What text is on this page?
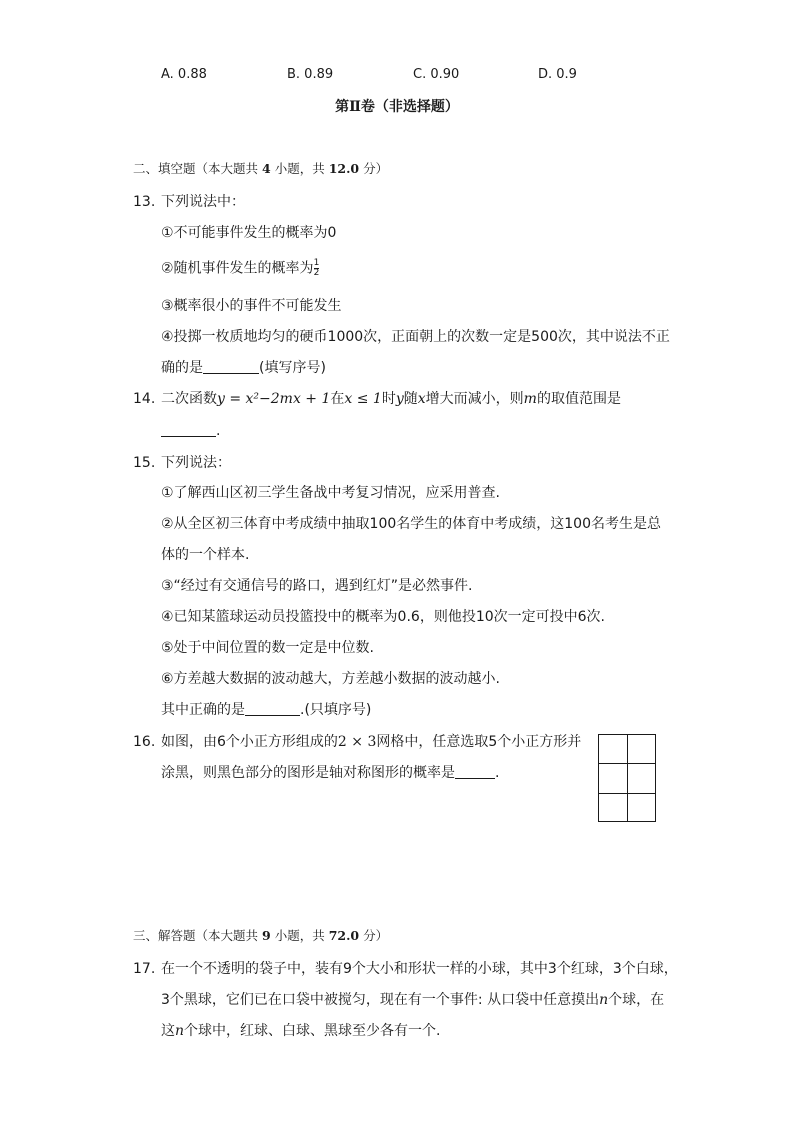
A. 0.88	B. 0.89	C. 0.90	D. 0.9
第Ⅱ卷（非选择题）
二、填空题（本大题共 4 小题，共 12.0 分）
13. 下列说法中：
①不可能事件发生的概率为0
②随机事件发生的概率为 $\frac{1}{2}$
③概率很小的事件不可能发生
④投掷一枚质地均匀的硬币1000次，正面朝上的次数一定是500次，其中说法不正
确的是	(填写序号)
14. 二次函数y = x²−2mx + 1在x ≤ 1时y随x增大而减小，则m的取值范围是
.
15. 下列说法：
①了解西山区初三学生备战中考复习情况，应采用普查.
②从全区初三体育中考成绩中抽取100名学生的体育中考成绩，这100名考生是总
体的一个样本.
③“经过有交通信号的路口，遇到红灯”是必然事件.
④已知某篮球运动员投篮投中的概率为0.6，则他投10次一定可投中6次.
⑤处于中间位置的数一定是中位数.
⑥方差越大数据的波动越大，方差越小数据的波动越小.
其中正确的是	.(只填序号)
16. 如图，由6个小正方形组成的2 × 3网格中，任意选取5个小正方形并
涂黑，则黑色部分的图形是轴对称图形的概率是	.
三、解答题（本大题共 9 小题，共 72.0 分）
17. 在一个不透明的袋子中，装有9个大小和形状一样的小球，其中3个红球，3个白球，
3个黑球，它们已在口袋中被搅匀，现在有一个事件: 从口袋中任意摸出n个球，在
这n个球中，红球、白球、黑球至少各有一个.
